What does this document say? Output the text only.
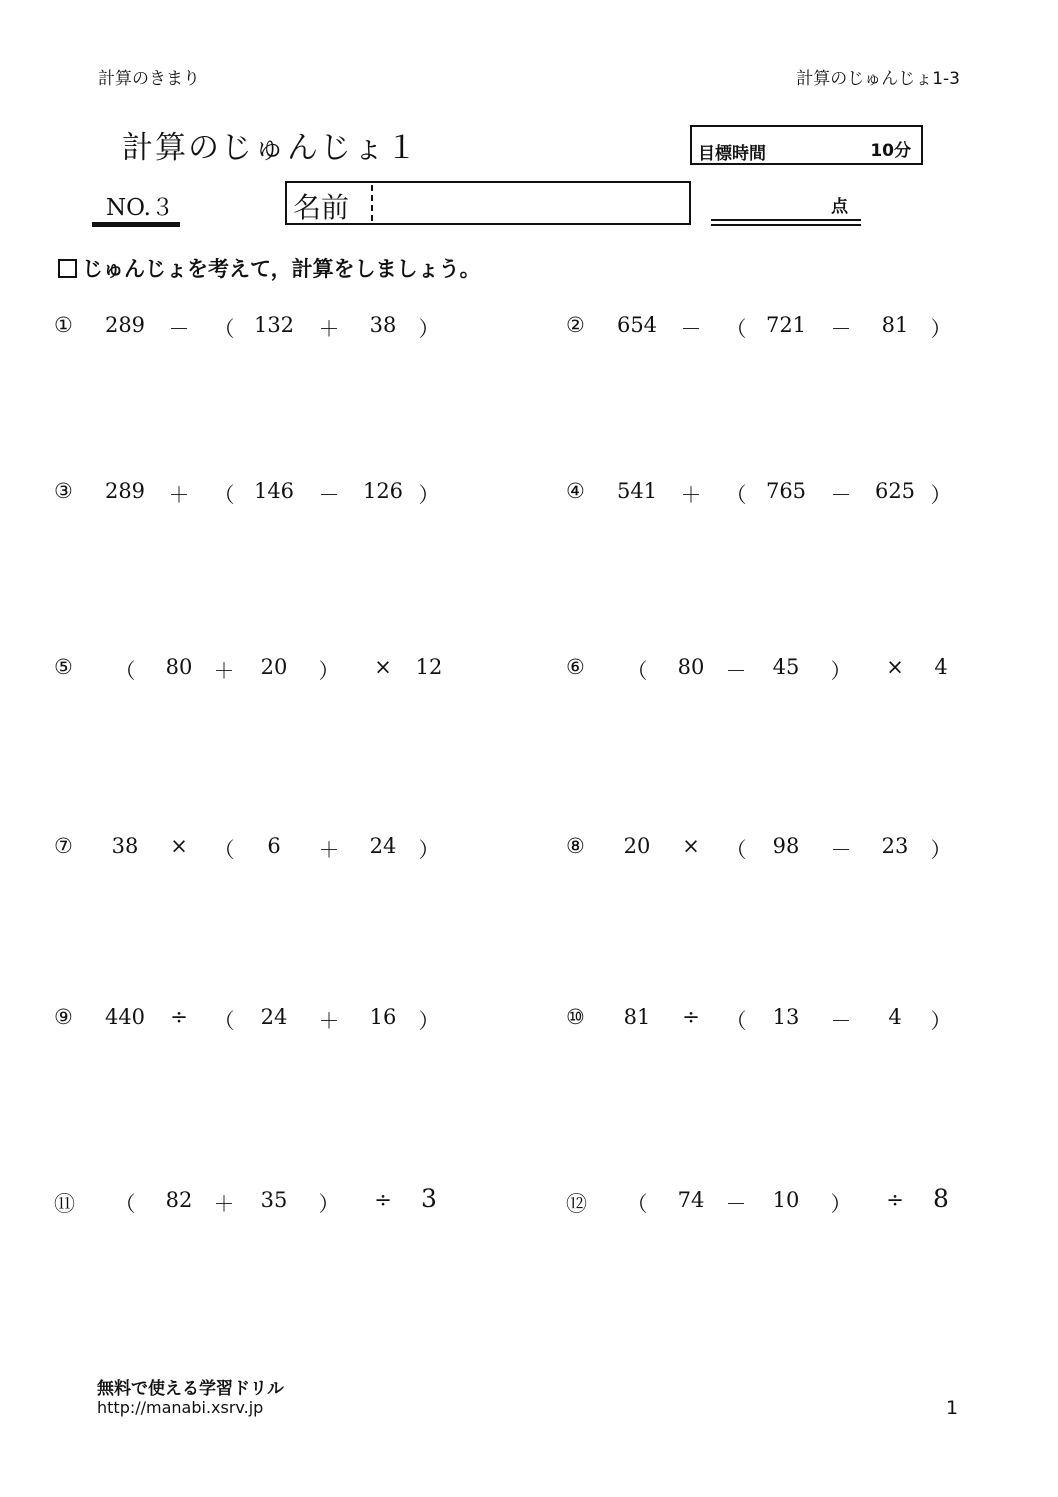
計算のきまり	計算のじゅんじょ1-3
計算のじゅんじょ１	目標時間	10分
NO.３	名前	点
じゅんじょを考えて，計算をしましょう。
① 289 － （ 132 ＋ 38 ）	② 654 － （ 721 － 81 ）
③ 289 ＋ （ 146 － 126 ）	④ 541 ＋ （ 765 － 625 ）
⑤ （ 80 ＋ 20 ） × 12	⑥ （ 80 － 45 ） × 4
⑦ 38 × （ 6 ＋ 24 ）	⑧ 20 × （ 98 － 23 ）
⑨ 440 ÷ （ 24 ＋ 16 ）	⑩ 81 ÷ （ 13 － 4 ）
⑪ （ 82 ＋ 35 ） ÷ 3	⑫ （ 74 － 10 ） ÷ 8
無料で使える学習ドリル
http://manabi.xsrv.jp	1
